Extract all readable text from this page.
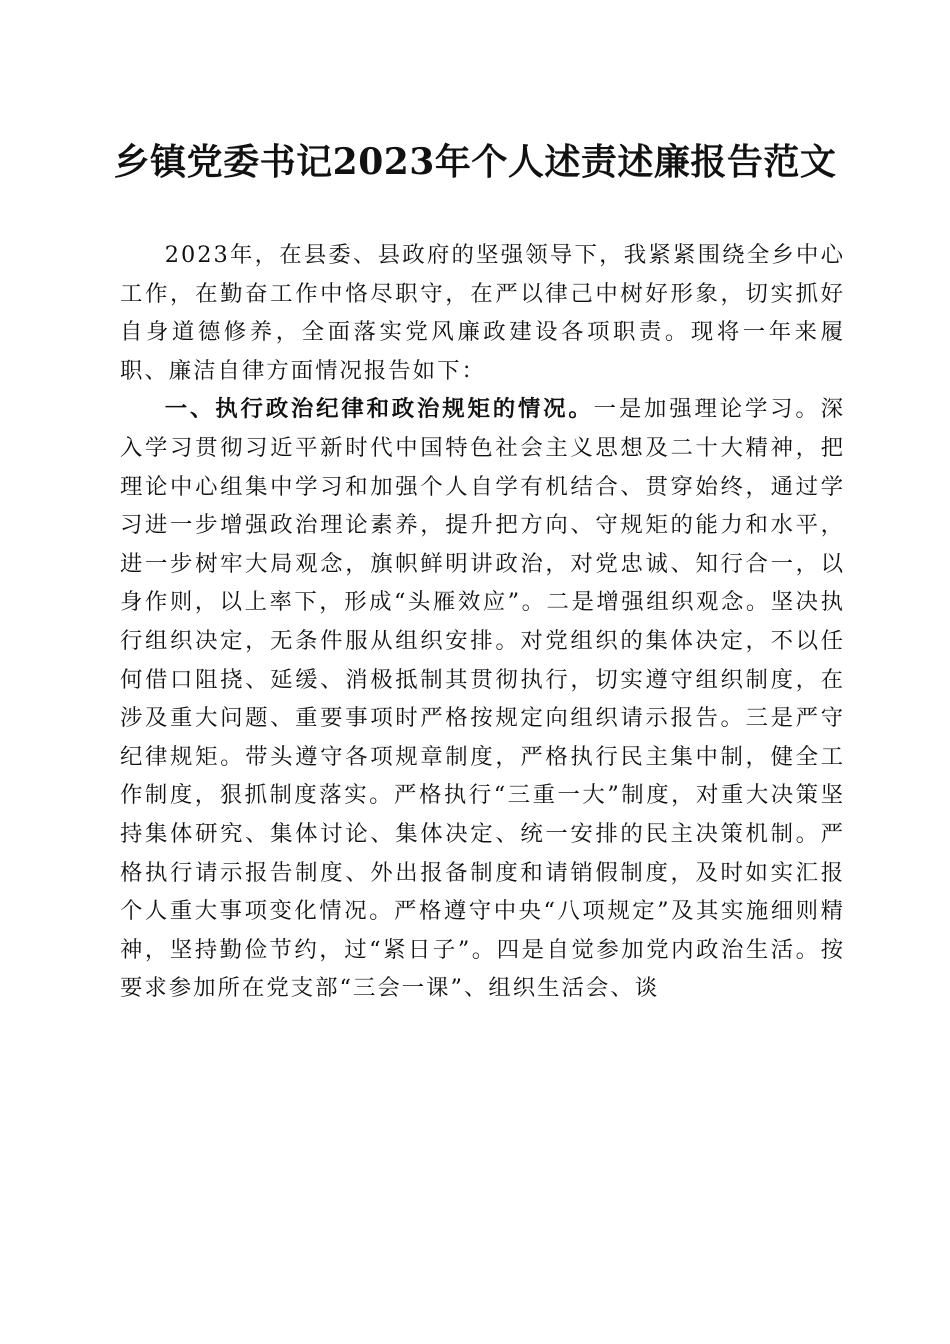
乡镇党委书记2023年个人述责述廉报告范文

2023年，在县委、县政府的坚强领导下，我紧紧围绕全乡中心工作，在勤奋工作中恪尽职守，在严以律己中树好形象，切实抓好自身道德修养，全面落实党风廉政建设各项职责。现将一年来履职、廉洁自律方面情况报告如下：

一、执行政治纪律和政治规矩的情况。一是加强理论学习。深入学习贯彻习近平新时代中国特色社会主义思想及二十大精神，把理论中心组集中学习和加强个人自学有机结合、贯穿始终，通过学习进一步增强政治理论素养，提升把方向、守规矩的能力和水平，进一步树牢大局观念，旗帜鲜明讲政治，对党忠诚、知行合一，以身作则，以上率下，形成“头雁效应”。二是增强组织观念。坚决执行组织决定，无条件服从组织安排。对党组织的集体决定，不以任何借口阻挠、延缓、消极抵制其贯彻执行，切实遵守组织制度，在涉及重大问题、重要事项时严格按规定向组织请示报告。三是严守纪律规矩。带头遵守各项规章制度，严格执行民主集中制，健全工作制度，狠抓制度落实。严格执行“三重一大”制度，对重大决策坚持集体研究、集体讨论、集体决定、统一安排的民主决策机制。严格执行请示报告制度、外出报备制度和请销假制度，及时如实汇报个人重大事项变化情况。严格遵守中央“八项规定”及其实施细则精神，坚持勤俭节约，过“紧日子”。四是自觉参加党内政治生活。按要求参加所在党支部“三会一课”、组织生活会、谈
